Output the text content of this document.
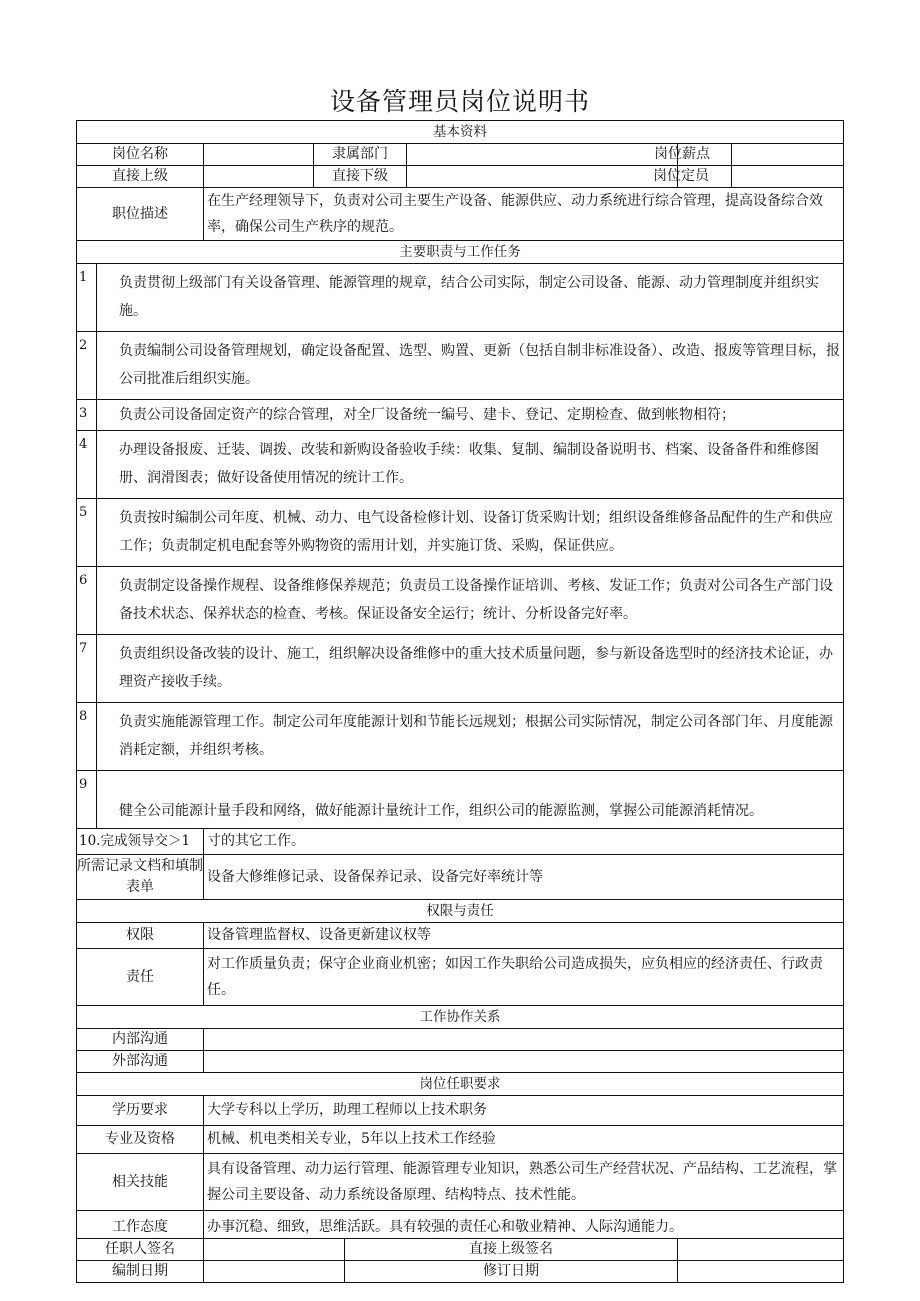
设备管理员岗位说明书
基本资料							
岗位名称			隶属部门			岗位薪点	
直接上级			直接下级			岗位定员	
职位描述		在生产经理领导下，负责对公司主要生产设备、能源供应、动力系统进行综合管理，提高设备综合效率，确保公司生产秩序的规范。					
主要职责与工作任务							
1	负责贯彻上级部门有关设备管理、能源管理的规章，结合公司实际，制定公司设备、能源、动力管理制度并组织实施。						
2	负责编制公司设备管理规划，确定设备配置、选型、购置、更新（包括自制非标准设备）、改造、报废等管理目标，报公司批准后组织实施。						
3	负责公司设备固定资产的综合管理，对全厂设备统一编号、建卡、登记、定期检查、做到帐物相符；						
4	办理设备报废、迁装、调拨、改装和新购设备验收手续：收集、复制、编制设备说明书、档案、设备备件和维修图册、润滑图表；做好设备使用情况的统计工作。						
5	负责按时编制公司年度、机械、动力、电气设备检修计划、设备订货采购计划；组织设备维修备品配件的生产和供应工作；负责制定机电配套等外购物资的需用计划，并实施订货、采购，保证供应。						
6	负责制定设备操作规程、设备维修保养规范；负责员工设备操作证培训、考核、发证工作；负责对公司各生产部门设备技术状态、保养状态的检查、考核。保证设备安全运行；统计、分析设备完好率。						
7	负责组织设备改装的设计、施工，组织解决设备维修中的重大技术质量问题，参与新设备选型时的经济技术论证，办理资产接收手续。						
8	负责实施能源管理工作。制定公司年度能源计划和节能长远规划；根据公司实际情况，制定公司各部门年、月度能源消耗定额，并组织考核。						
9	健全公司能源计量手段和网络，做好能源计量统计工作，组织公司的能源监测，掌握公司能源消耗情况。						
10.完成领导交＞1		寸的其它工作。					
所需记录文档和填制表单		设备大修维修记录、设备保养记录、设备完好率统计等					
权限与责任							
权限		设备管理监督权、设备更新建议权等					
责任		对工作质量负责；保守企业商业机密；如因工作失职给公司造成损失，应负相应的经济责任、行政责任。					
工作协作关系							
内部沟通							
外部沟通							
岗位任职要求							
学历要求		大学专科以上学历，助理工程师以上技术职务					
专业及资格		机械、机电类相关专业，5年以上技术工作经验					
相关技能		具有设备管理、动力运行管理、能源管理专业知识，熟悉公司生产经营状况、产品结构、工艺流程，掌握公司主要设备、动力系统设备原理、结构特点、技术性能。					
工作态度		办事沉稳、细致，思维活跃。具有较强的责任心和敬业精神、人际沟通能力。					
任职人签名				直接上级签名			
编制日期				修订日期			
